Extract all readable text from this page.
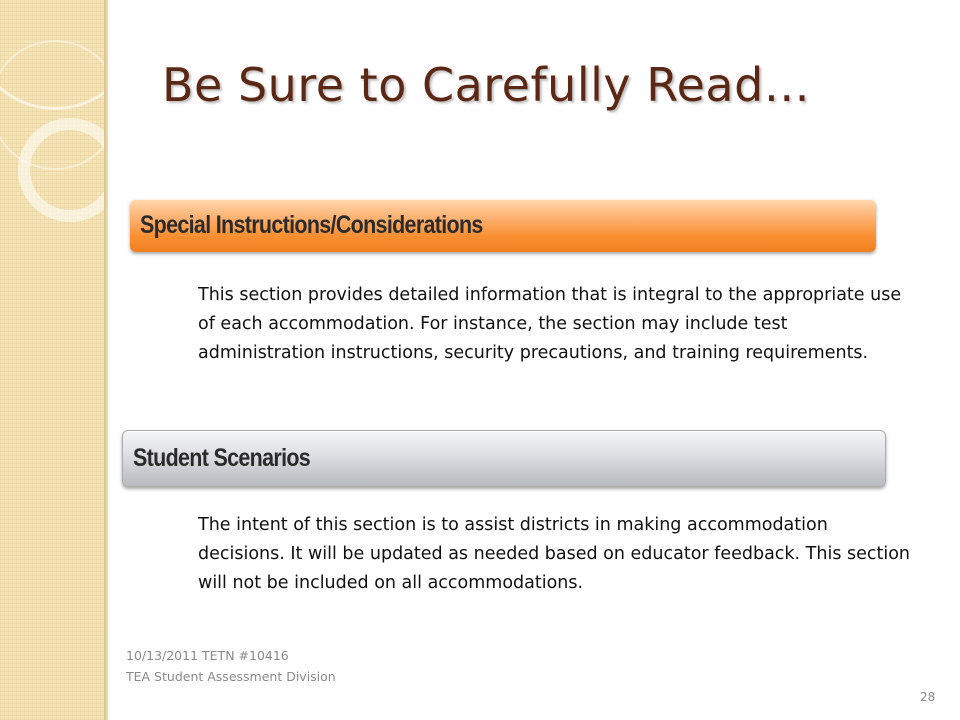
Be Sure to Carefully Read…
Special Instructions/Considerations

This section provides detailed information that is integral to the appropriate use of each accommodation. For instance, the section may include test administration instructions, security precautions, and training requirements.

Student Scenarios

The intent of this section is to assist districts in making accommodation decisions. It will be updated as needed based on educator feedback. This section will not be included on all accommodations.

10/13/2011 TETN #10416
TEA Student Assessment Division
28
